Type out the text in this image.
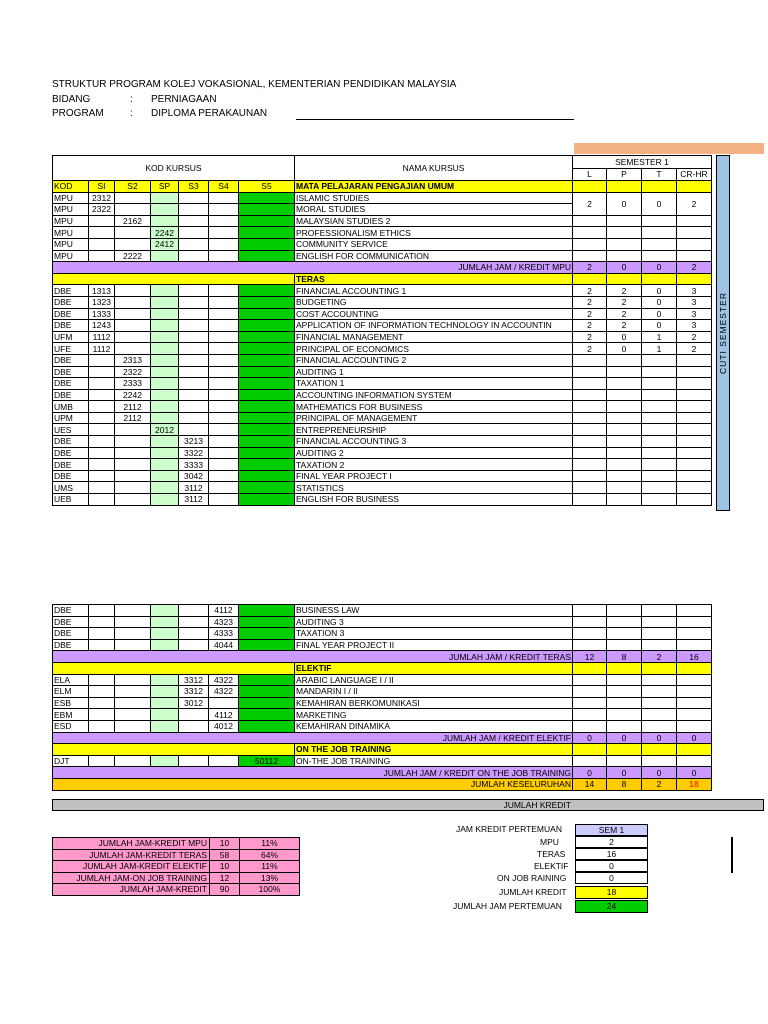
STRUKTUR PROGRAM KOLEJ VOKASIONAL, KEMENTERIAN PENDIDIKAN MALAYSIA
BIDANG	: PERNIAGAAN
PROGRAM	: DIPLOMA PERAKAUNAN
KOD KURSUS							NAMA KURSUS	SEMESTER 1			
								L	P	T	CR-HR
KOD	SI	S2	SP	S3	S4	S5	MATA PELAJARAN PENGAJIAN UMUM				
MPU	2312						ISLAMIC STUDIES	2	0	0	2
MPU	2322						MORAL STUDIES				
MPU		2162					MALAYSIAN STUDIES 2				
MPU			2242				PROFESSIONALISM ETHICS				
MPU			2412				COMMUNITY SERVICE				
MPU		2222					ENGLISH FOR COMMUNICATION				
JUMLAH JAM / KREDIT MPU								2	0	0	2
							TERAS				
DBE	1313						FINANCIAL ACCOUNTING 1	2	2	0	3
DBE	1323						BUDGETING	2	2	0	3
DBE	1333						COST ACCOUNTING	2	2	0	3
DBE	1243						APPLICATION OF INFORMATION TECHNOLOGY IN ACCOUNTIN	2	2	0	3
UFM	1112						FINANCIAL MANAGEMENT	2	0	1	2
UFE	1112						PRINCIPAL OF ECONOMICS	2	0	1	2
DBE		2313					FINANCIAL ACCOUNTING 2				
DBE		2322					AUDITING 1				
DBE		2333					TAXATION 1				
DBE		2242					ACCOUNTING INFORMATION SYSTEM				
UMB		2112					MATHEMATICS FOR BUSINESS				
UPM		2112					PRINCIPAL OF MANAGEMENT				
UES			2012				ENTREPRENEURSHIP				
DBE				3213			FINANCIAL ACCOUNTING 3				
DBE				3322			AUDITING 2				
DBE				3333			TAXATION 2				
DBE				3042			FINAL YEAR PROJECT I				
UMS				3112			STATISTICS				
UEB				3112			ENGLISH FOR BUSINESS				
CUTI SEMESTER
DBE					4112		BUSINESS LAW				
DBE					4323		AUDITING 3				
DBE					4333		TAXATION 3				
DBE					4044		FINAL YEAR PROJECT II				
JUMLAH JAM / KREDIT TERAS								12	8	2	16
							ELEKTIF				
ELA				3312	4322		ARABIC LANGUAGE I / II				
ELM				3312	4322		MANDARIN I / II				
ESB				3012			KEMAHIRAN BERKOMUNIKASI				
EBM					4112		MARKETING				
ESD					4012		KEMAHIRAN DINAMIKA				
JUMLAH JAM / KREDIT ELEKTIF								0	0	0	0
							ON THE JOB TRAINING				
DJT						50112	ON-THE JOB TRAINING				
JUMLAH JAM / KREDIT ON THE JOB TRAINING								0	0	0	0
JUMLAH KESELURUHAN								14	8	2	18
JUMLAH KREDIT
JUMLAH JAM-KREDIT MPU	10	11%
JUMLAH JAM-KREDIT TERAS	58	64%
JUMLAH JAM-KREDIT ELEKTIF	10	11%
JUMLAH JAM-ON JOB TRAINING	12	13%
JUMLAH JAM-KREDIT	90	100%
JAM KREDIT PERTEMUAN	SEM 1
MPU	2
TERAS	16
ELEKTIF	0
ON JOB RAINING	0
JUMLAH KREDIT	18
JUMLAH JAM PERTEMUAN	24
